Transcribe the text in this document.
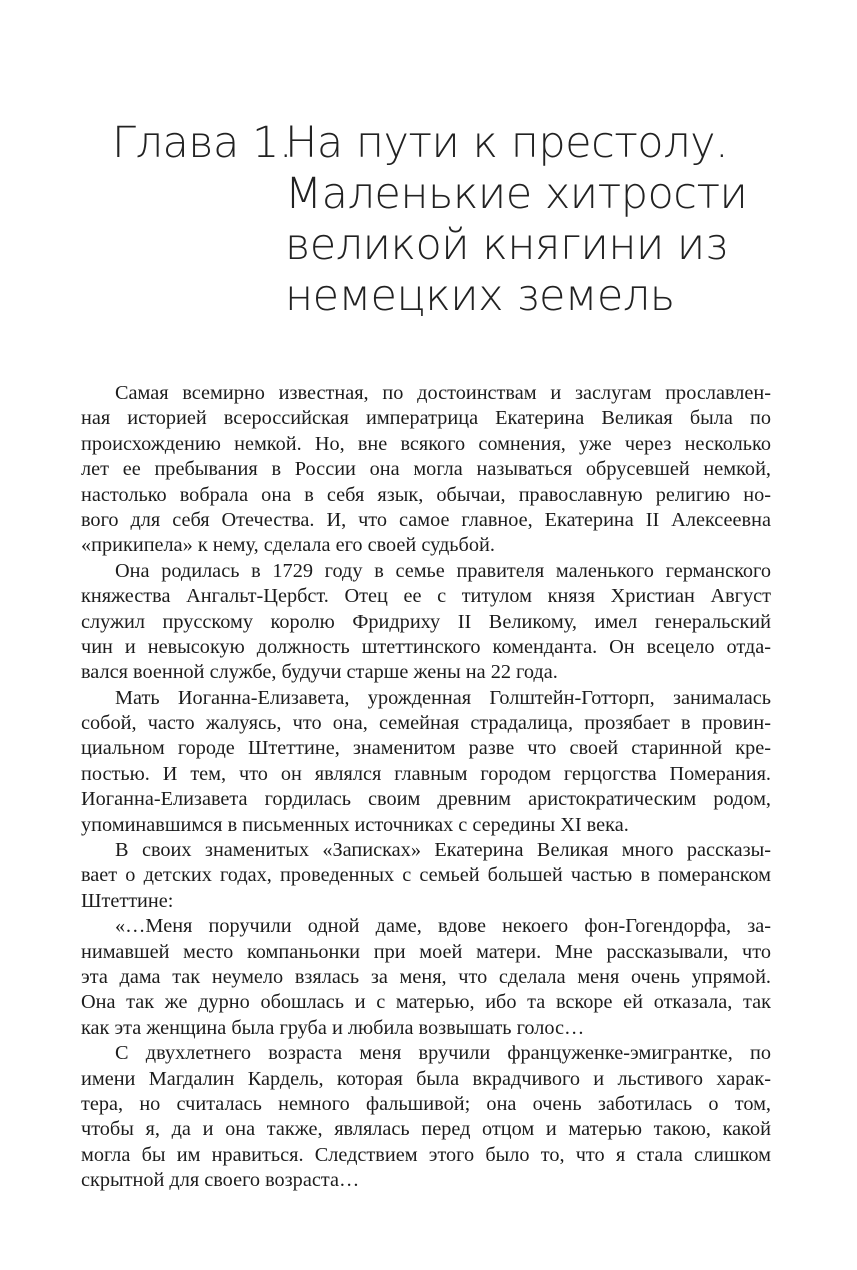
Глава 1.
На пути к престолу.
Маленькие хитрости
великой княгини из
немецких земель
Самая всемирно известная, по достоинствам и заслугам прославлен-
ная историей всероссийская императрица Екатерина Великая была по
происхождению немкой. Но, вне всякого сомнения, уже через несколько
лет ее пребывания в России она могла называться обрусевшей немкой,
настолько вобрала она в себя язык, обычаи, православную религию но-
вого для себя Отечества. И, что самое главное, Екатерина II Алексеевна
«прикипела» к нему, сделала его своей судьбой.
Она родилась в 1729 году в семье правителя маленького германского
княжества Ангальт-Цербст. Отец ее с титулом князя Христиан Август
служил прусскому королю Фридриху II Великому, имел генеральский
чин и невысокую должность штеттинского коменданта. Он всецело отда-
вался военной службе, будучи старше жены на 22 года.
Мать Иоганна-Елизавета, урожденная Голштейн-Готторп, занималась
собой, часто жалуясь, что она, семейная страдалица, прозябает в провин-
циальном городе Штеттине, знаменитом разве что своей старинной кре-
постью. И тем, что он являлся главным городом герцогства Померания.
Иоганна-Елизавета гордилась своим древним аристократическим родом,
упоминавшимся в письменных источниках с середины XI века.
В своих знаменитых «Записках» Екатерина Великая много рассказы-
вает о детских годах, проведенных с семьей большей частью в померанском
Штеттине:
«…Меня поручили одной даме, вдове некоего фон-Гогендорфа, за-
нимавшей место компаньонки при моей матери. Мне рассказывали, что
эта дама так неумело взялась за меня, что сделала меня очень упрямой.
Она так же дурно обошлась и с матерью, ибо та вскоре ей отказала, так
как эта женщина была груба и любила возвышать голос…
С двухлетнего возраста меня вручили француженке-эмигрантке, по
имени Магдалин Кардель, которая была вкрадчивого и льстивого харак-
тера, но считалась немного фальшивой; она очень заботилась о том,
чтобы я, да и она также, являлась перед отцом и матерью такою, какой
могла бы им нравиться. Следствием этого было то, что я стала слишком
скрытной для своего возраста…
